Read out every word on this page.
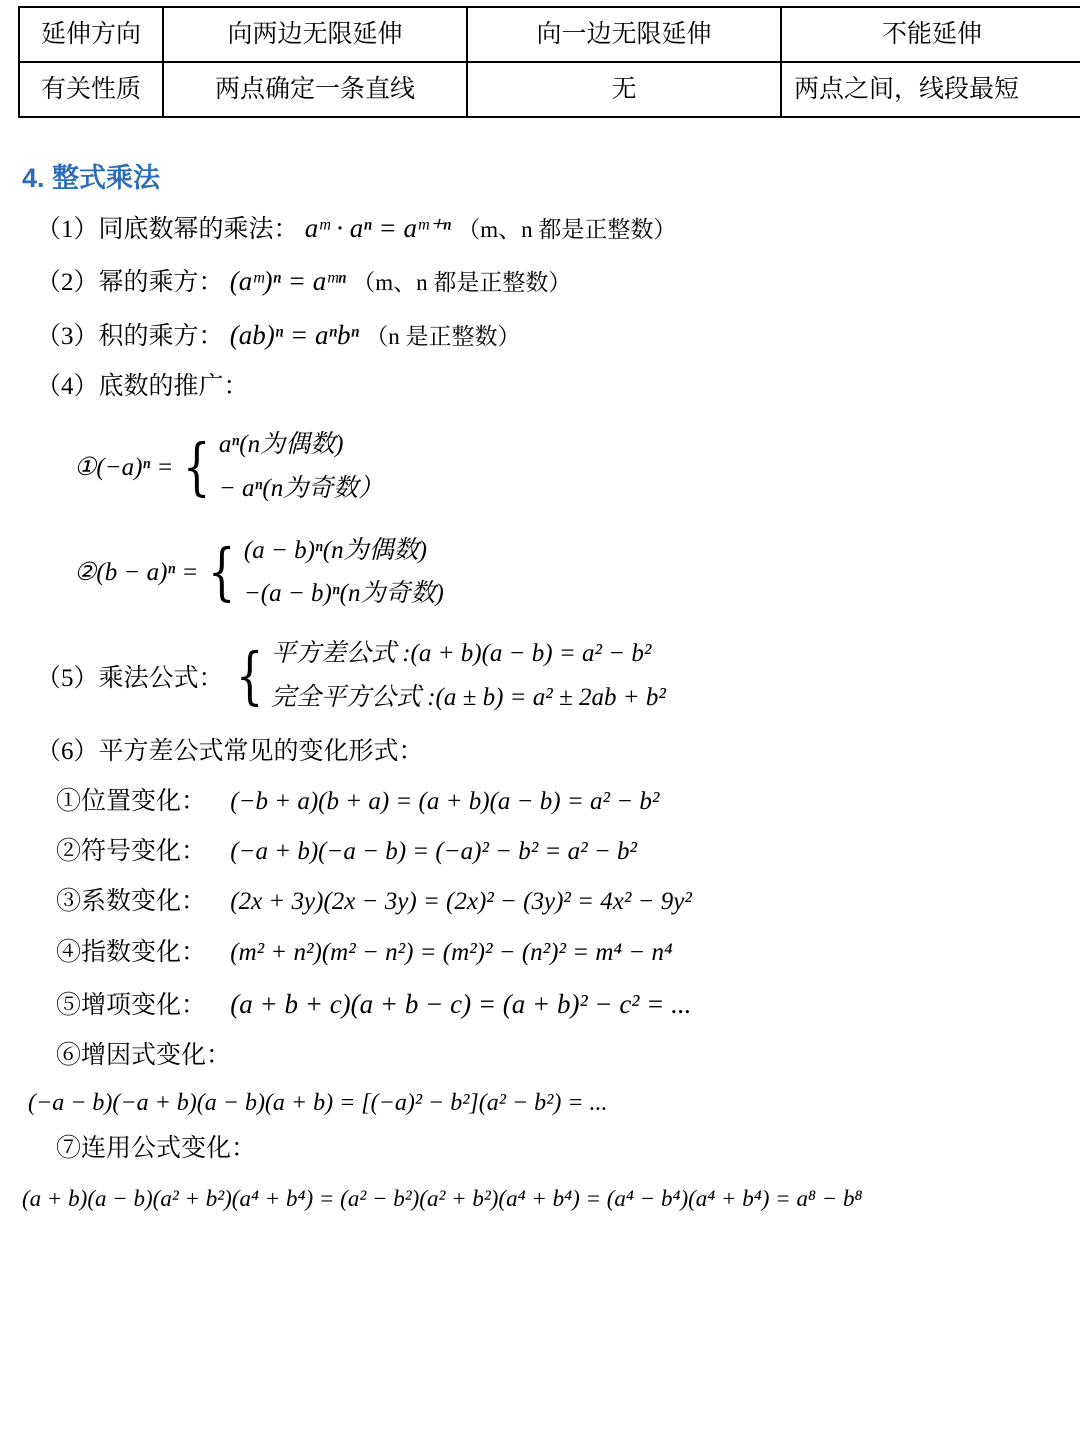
延伸方向	向两边无限延伸	向一边无限延伸	不能延伸
有关性质	两点确定一条直线	无	两点之间，线段最短
4. 整式乘法
（1）同底数幂的乘法： aᵐ · aⁿ = aᵐ⁺ⁿ （m、n 都是正整数）
（2）幂的乘方： (aᵐ)ⁿ = aᵐⁿ （m、n 都是正整数）
（3）积的乘方： (ab)ⁿ = aⁿbⁿ （n 是正整数）
（4）底数的推广：
①(−a)ⁿ = { aⁿ(n为偶数)
− aⁿ(n为奇数）
②(b − a)ⁿ = { (a − b)ⁿ(n为偶数)
−(a − b)ⁿ(n为奇数)
（5）乘法公式： { 平方差公式 :(a + b)(a − b) = a² − b²
完全平方公式 :(a ± b) = a² ± 2ab + b²
（6）平方差公式常见的变化形式：
①位置变化： (−b + a)(b + a) = (a + b)(a − b) = a² − b²
②符号变化： (−a + b)(−a − b) = (−a)² − b² = a² − b²
③系数变化： (2x + 3y)(2x − 3y) = (2x)² − (3y)² = 4x² − 9y²
④指数变化： (m² + n²)(m² − n²) = (m²)² − (n²)² = m⁴ − n⁴
⑤增项变化： (a + b + c)(a + b − c) = (a + b)² − c² = ...
⑥增因式变化：
(−a − b)(−a + b)(a − b)(a + b) = [(−a)² − b²](a² − b²) = ...
⑦连用公式变化：
(a + b)(a − b)(a² + b²)(a⁴ + b⁴) = (a² − b²)(a² + b²)(a⁴ + b⁴) = (a⁴ − b⁴)(a⁴ + b⁴) = a⁸ − b⁸
